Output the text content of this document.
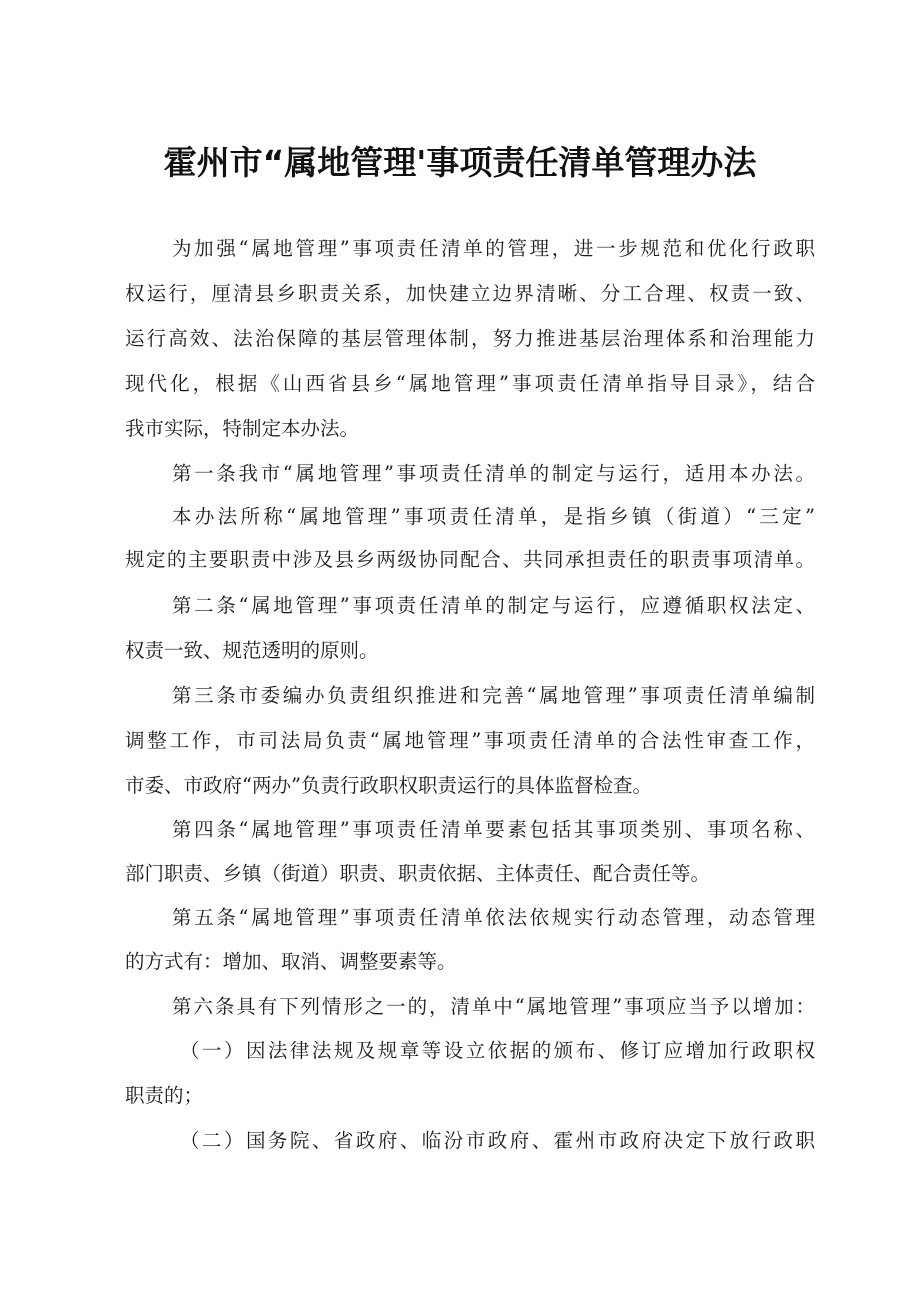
霍州市“属地管理'事项责任清单管理办法
为加强“属地管理”事项责任清单的管理，进一步规范和优化行政职
权运行，厘清县乡职责关系，加快建立边界清晰、分工合理、权责一致、
运行高效、法治保障的基层管理体制，努力推进基层治理体系和治理能力
现代化，根据《山西省县乡“属地管理”事项责任清单指导目录》，结合
我市实际，特制定本办法。
第一条我市“属地管理”事项责任清单的制定与运行，适用本办法。
本办法所称“属地管理”事项责任清单，是指乡镇（街道）“三定”
规定的主要职责中涉及县乡两级协同配合、共同承担责任的职责事项清单。
第二条“属地管理”事项责任清单的制定与运行，应遵循职权法定、
权责一致、规范透明的原则。
第三条市委编办负责组织推进和完善“属地管理”事项责任清单编制
调整工作，市司法局负责“属地管理”事项责任清单的合法性审查工作，
市委、市政府“两办”负责行政职权职责运行的具体监督检查。
第四条“属地管理”事项责任清单要素包括其事项类别、事项名称、
部门职责、乡镇（街道）职责、职责依据、主体责任、配合责任等。
第五条“属地管理”事项责任清单依法依规实行动态管理，动态管理
的方式有：增加、取消、调整要素等。
第六条具有下列情形之一的，清单中“属地管理”事项应当予以增加：
（一）因法律法规及规章等设立依据的颁布、修订应增加行政职权
职责的；
（二）国务院、省政府、临汾市政府、霍州市政府决定下放行政职
